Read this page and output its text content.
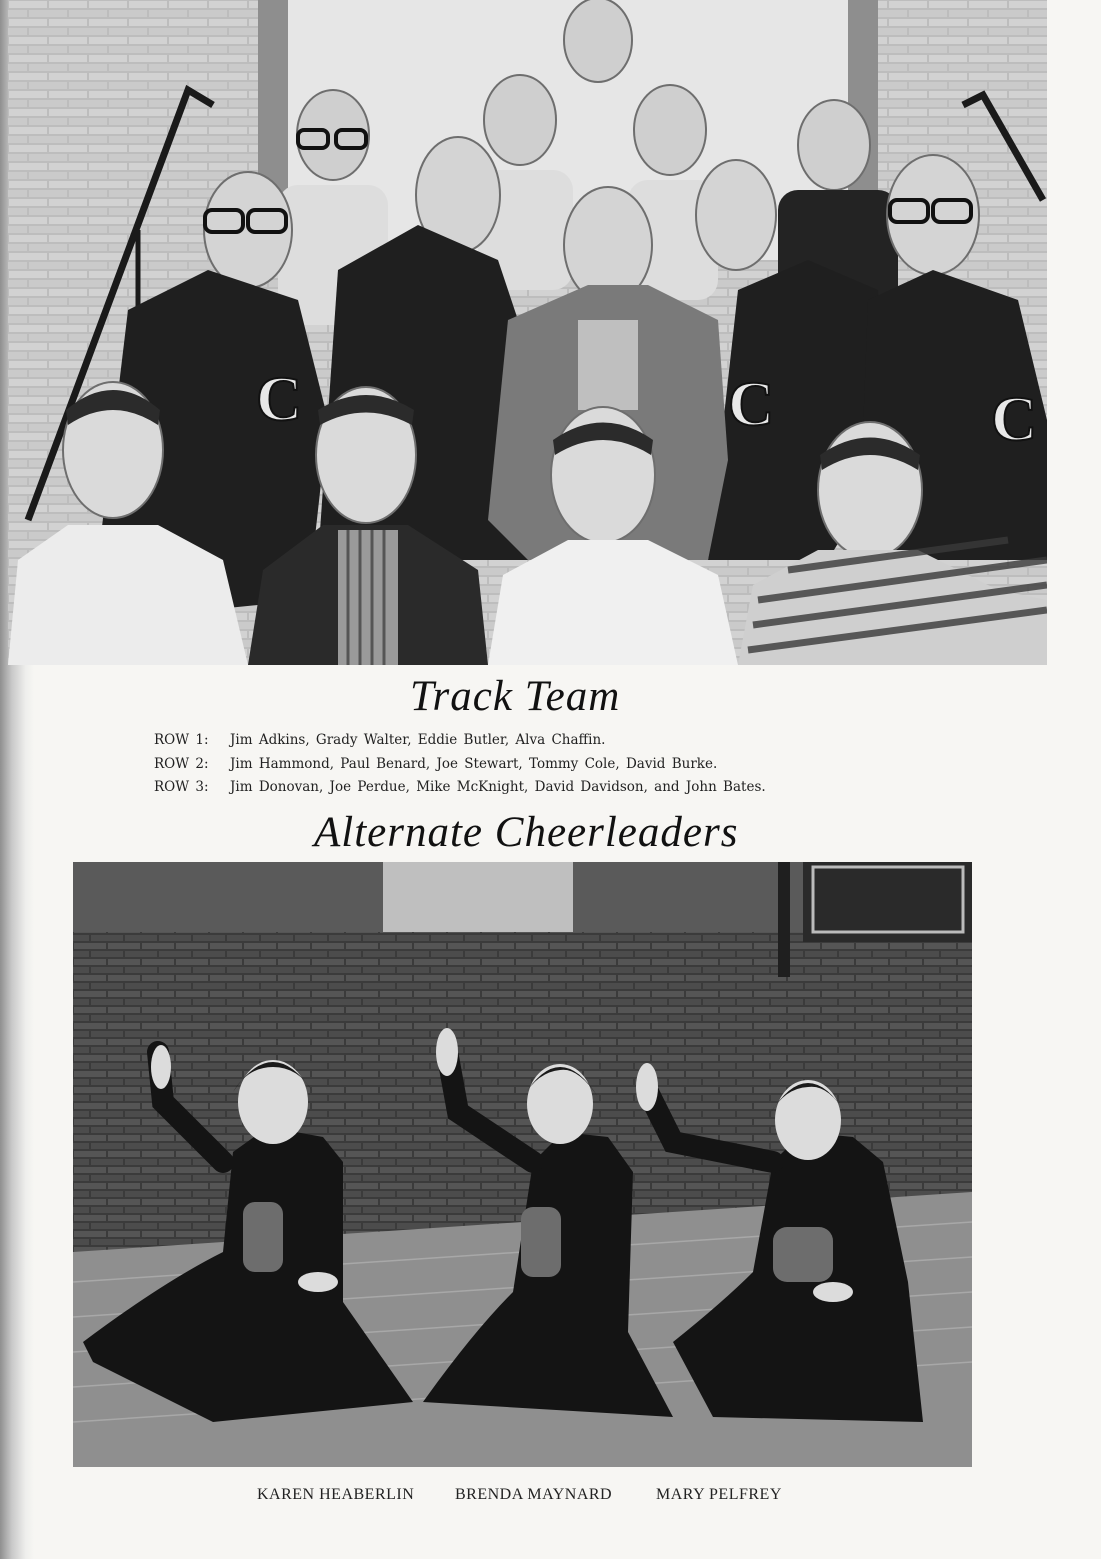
C	C	C
Track Team
ROW 1: Jim Adkins, Grady Walter, Eddie Butler, Alva Chaffin.
ROW 2: Jim Hammond, Paul Benard, Joe Stewart, Tommy Cole, David Burke.
ROW 3: Jim Donovan, Joe Perdue, Mike McKnight, David Davidson, and John Bates.
Alternate Cheerleaders
KAREN HEABERLIN	BRENDA MAYNARD	MARY PELFREY
